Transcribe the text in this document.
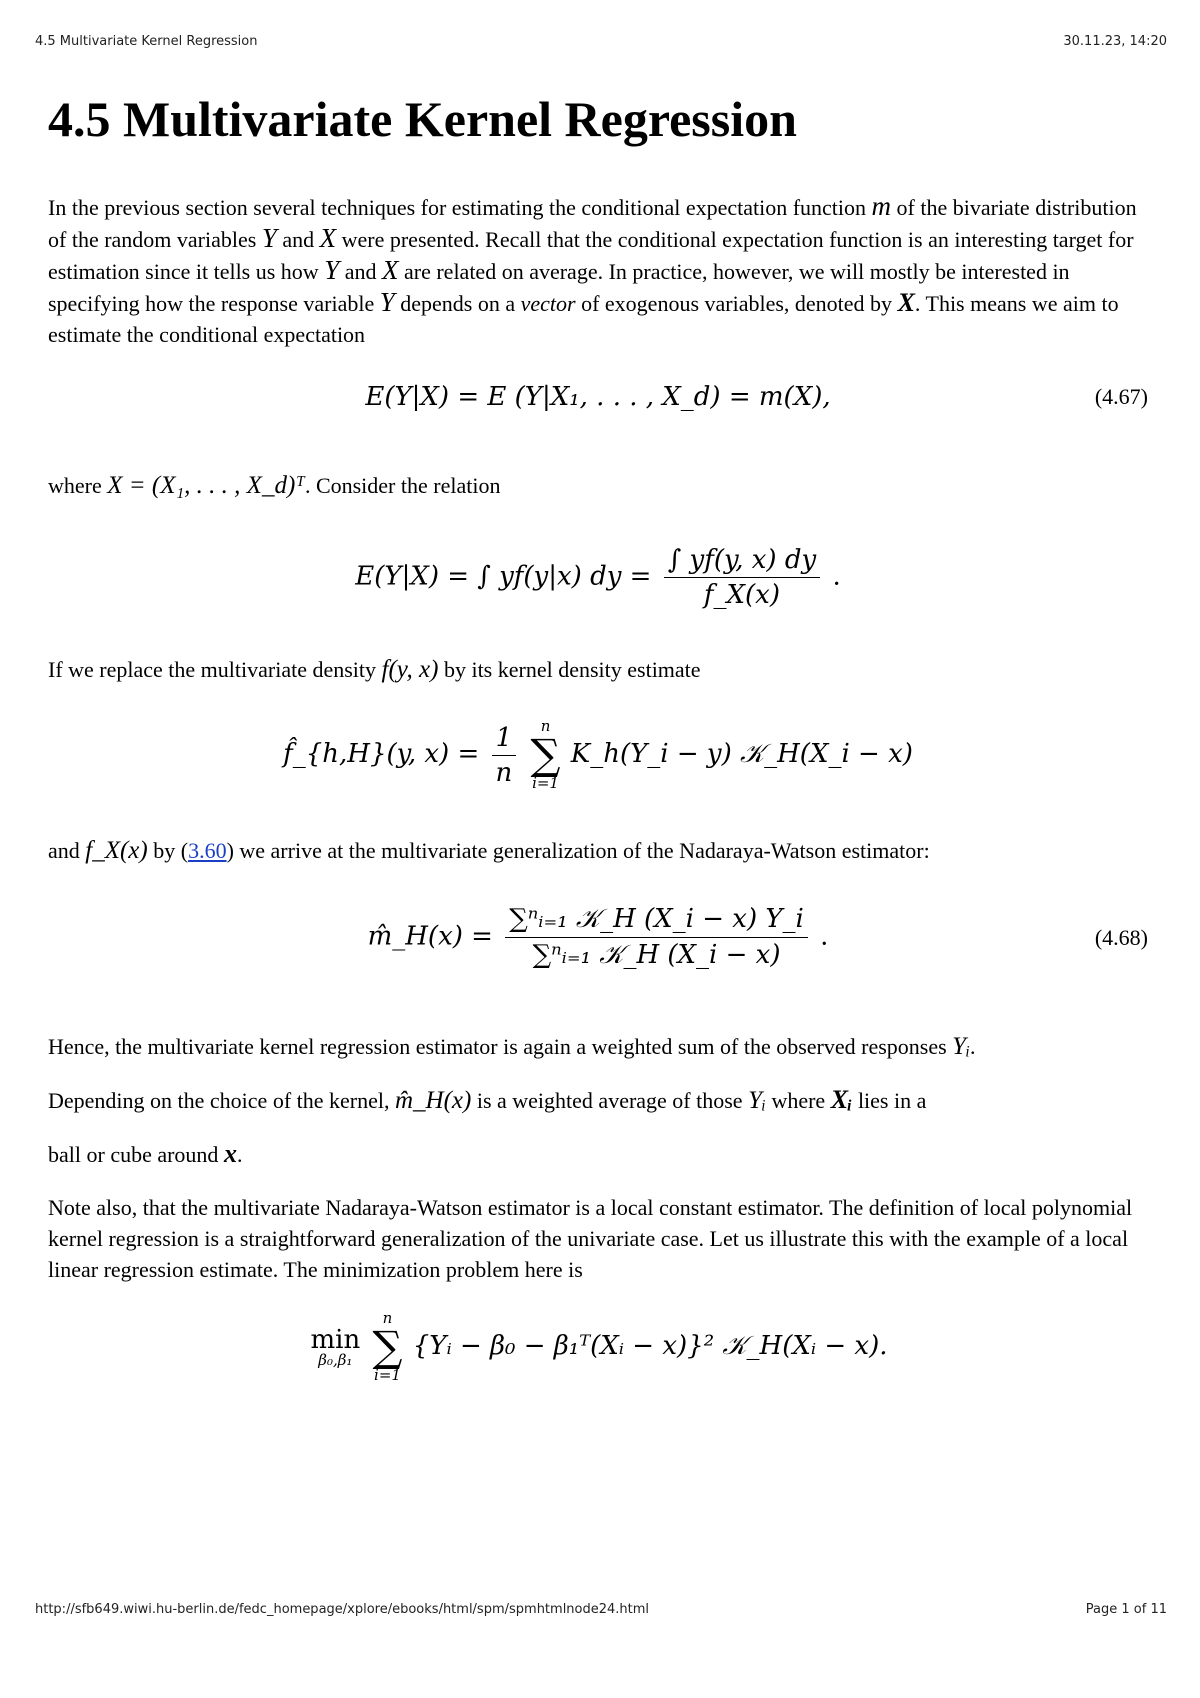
4.5 Multivariate Kernel Regression	30.11.23, 14:20
4.5 Multivariate Kernel Regression

In the previous section several techniques for estimating the conditional expectation function m of the bivariate distribution of the random variables Y and X were presented. Recall that the conditional expectation function is an interesting target for estimation since it tells us how Y and X are related on average. In practice, however, we will mostly be interested in specifying how the response variable Y depends on a vector of exogenous variables, denoted by X. This means we aim to estimate the conditional expectation

E(Y|X) = E (Y|X₁, . . . , X_d) = m(X),	(4.67)

where X = (X₁, . . . , X_d)ᵀ. Consider the relation

E(Y|X) = ∫ yf(y|x) dy = $\frac{\int yf(y, x) dy}{f\_X(x)}$ .

If we replace the multivariate density f(y, x) by its kernel density estimate

f̂_{h,H}(y, $x) = \frac{1}{n}$
n
∑
i=1
K_h(Y_i − y) 𝒦_H(X_i − x)

and f_X(x) by (3.60) we arrive at the multivariate generalization of the Nadaraya-Watson estimator:

m̂_H(x) = $\frac{\text{∑ⁿᵢ₌₁ 𝒦\_H (X\_i − x) Y\_i}}{\text{∑ⁿᵢ₌₁ 𝒦\_H (X\_i − x)}}$ .	(4.68)

Hence, the multivariate kernel regression estimator is again a weighted sum of the observed responses Yᵢ.

Depending on the choice of the kernel, m̂_H(x) is a weighted average of those Yᵢ where Xᵢ lies in a

ball or cube around x.

Note also, that the multivariate Nadaraya-Watson estimator is a local constant estimator. The definition of local polynomial kernel regression is a straightforward generalization of the univariate case. Let us illustrate this with the example of a local linear regression estimate. The minimization problem here is

min
β₀,β₁

n
∑
i=1
{Yᵢ − β₀ − β₁ᵀ(Xᵢ − x)}² 𝒦_H(Xᵢ − x).
http://sfb649.wiwi.hu-berlin.de/fedc_homepage/xplore/ebooks/html/spm/spmhtmlnode24.html	Page 1 of 11
